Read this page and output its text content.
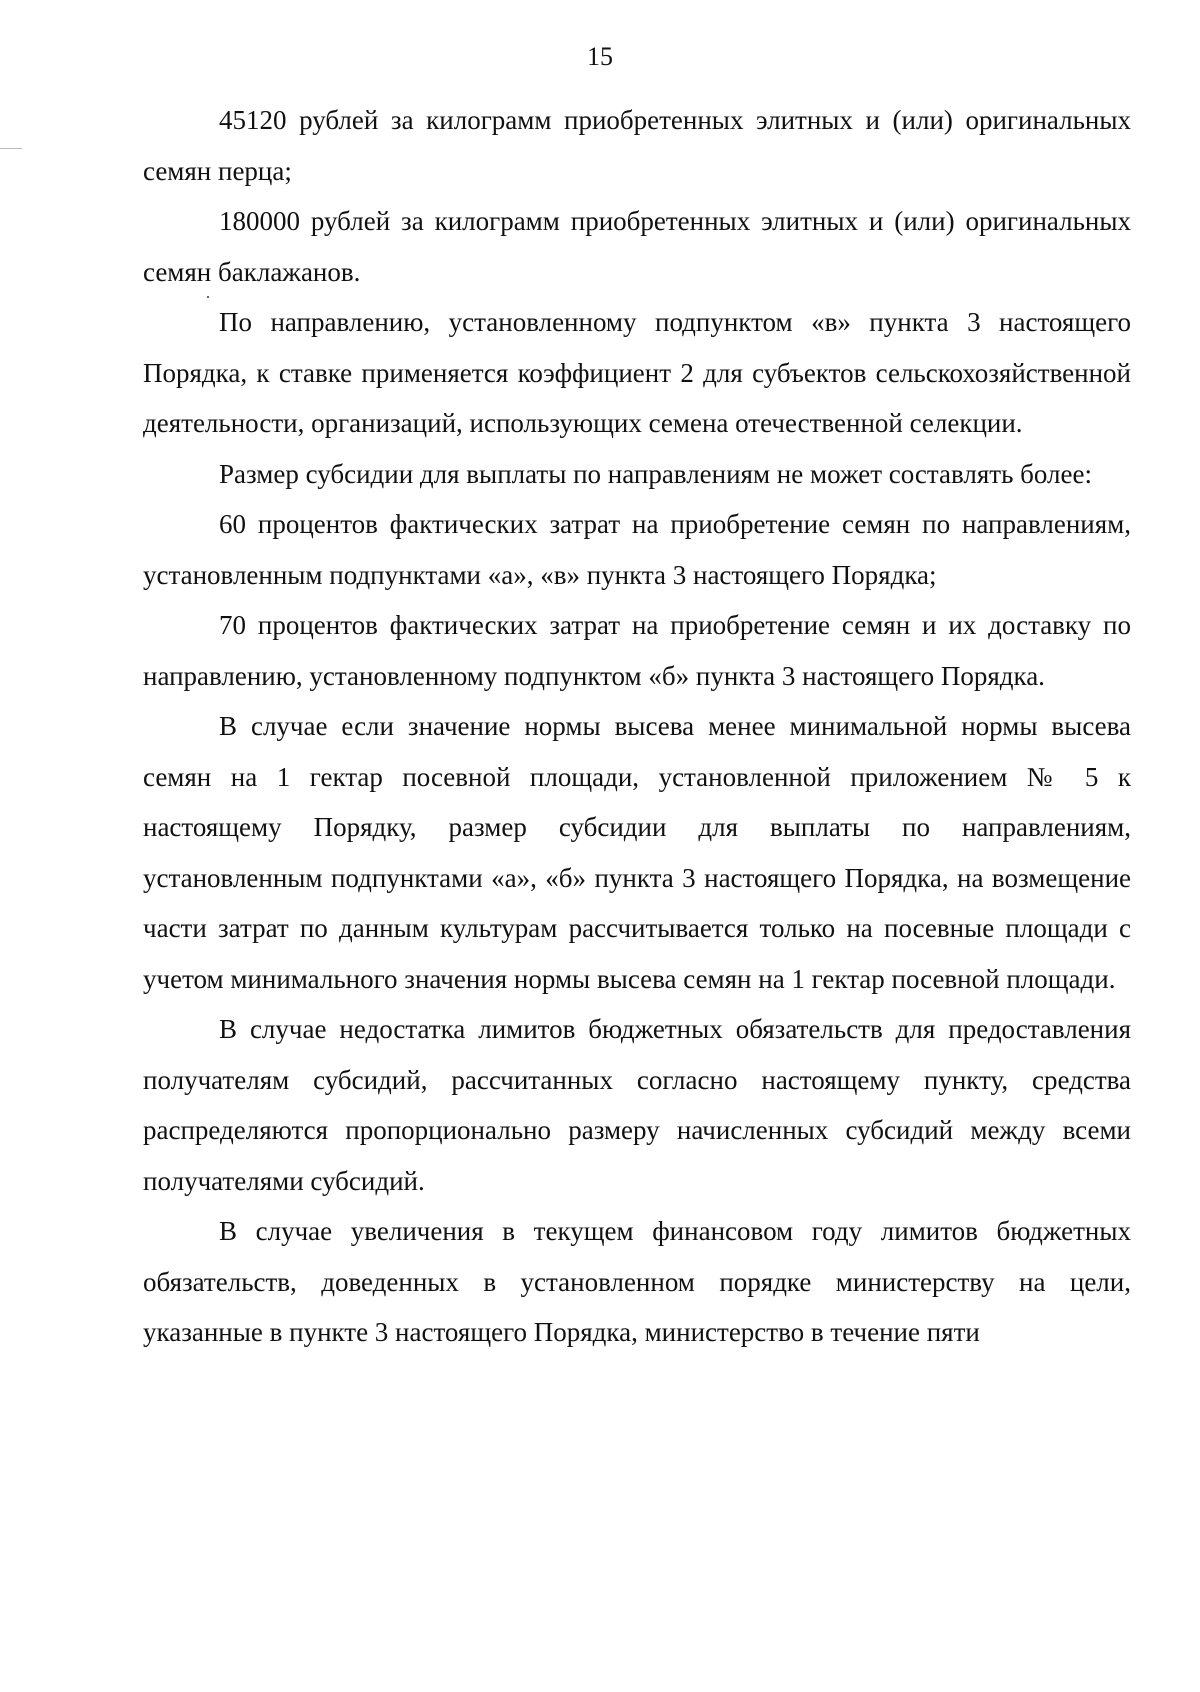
15

45120 рублей за килограмм приобретенных элитных и (или) оригинальных семян перца;

180000 рублей за килограмм приобретенных элитных и (или) оригинальных семян баклажанов.

По направлению, установленному подпунктом «в» пункта 3 настоящего Порядка, к ставке применяется коэффициент 2 для субъектов сельскохозяйственной деятельности, организаций, использующих семена отечественной селекции.

Размер субсидии для выплаты по направлениям не может составлять более:

60 процентов фактических затрат на приобретение семян по направлениям, установленным подпунктами «а», «в» пункта 3 настоящего Порядка;

70 процентов фактических затрат на приобретение семян и их доставку по направлению, установленному подпунктом «б» пункта 3 настоящего Порядка.

В случае если значение нормы высева менее минимальной нормы высева семян на 1 гектар посевной площади, установленной приложением № 5 к настоящему Порядку, размер субсидии для выплаты по направлениям, установленным подпунктами «а», «б» пункта 3 настоящего Порядка, на возмещение части затрат по данным культурам рассчитывается только на посевные площади с учетом минимального значения нормы высева семян на 1 гектар посевной площади.

В случае недостатка лимитов бюджетных обязательств для предоставления получателям субсидий, рассчитанных согласно настоящему пункту, средства распределяются пропорционально размеру начисленных субсидий между всеми получателями субсидий.

В случае увеличения в текущем финансовом году лимитов бюджетных обязательств, доведенных в установленном порядке министерству на цели, указанные в пункте 3 настоящего Порядка, министерство в течение пяти
